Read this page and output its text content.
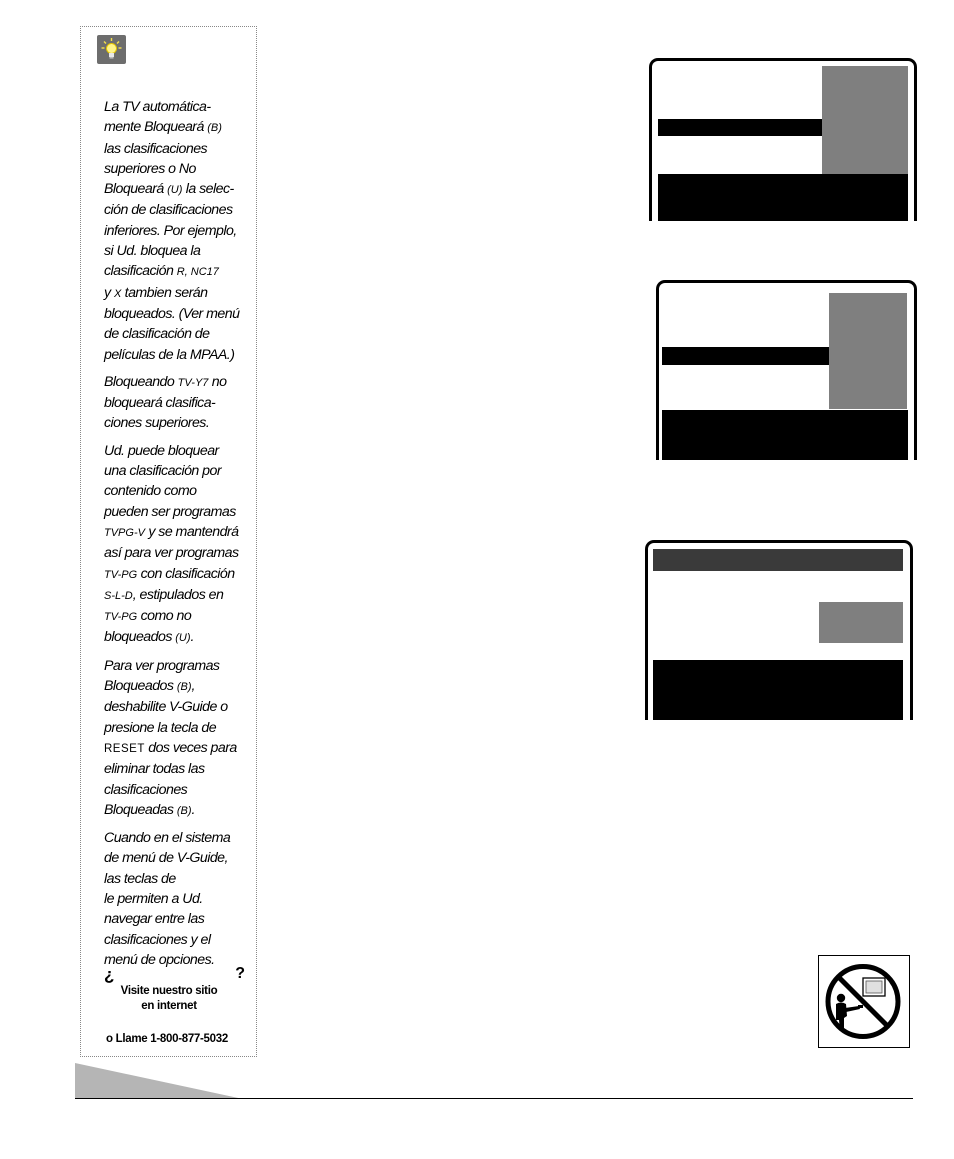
La TV automática-
mente Bloqueará (B)
las clasificaciones
superiores o No
Bloqueará (U) la selec-
ción de clasificaciones
inferiores. Por ejemplo,
si Ud. bloquea la
clasificación R, NC17
y X tambien serán
bloqueados. (Ver menú
de clasificación de
películas de la MPAA.)

Bloqueando TV-Y7 no
bloqueará clasifica-
ciones superiores.

Ud. puede bloquear
una clasificación por
contenido como
pueden ser programas
TVPG-V y se mantendrá
así para ver programas
TV-PG con clasificación
S-L-D, estipulados en
TV-PG como no
bloqueados (U).

Para ver programas
Bloqueados (B),
deshabilite V-Guide o
presione la tecla de
RESET dos veces para
eliminar todas las
clasificaciones
Bloqueadas (B).

Cuando en el sistema
de menú de V-Guide,
las teclas de
le permiten a Ud.
navegar entre las
clasificaciones y el
menú de opciones.

¿	?
Visite nuestro sitio
en internet
o Llame 1-800-877-5032
